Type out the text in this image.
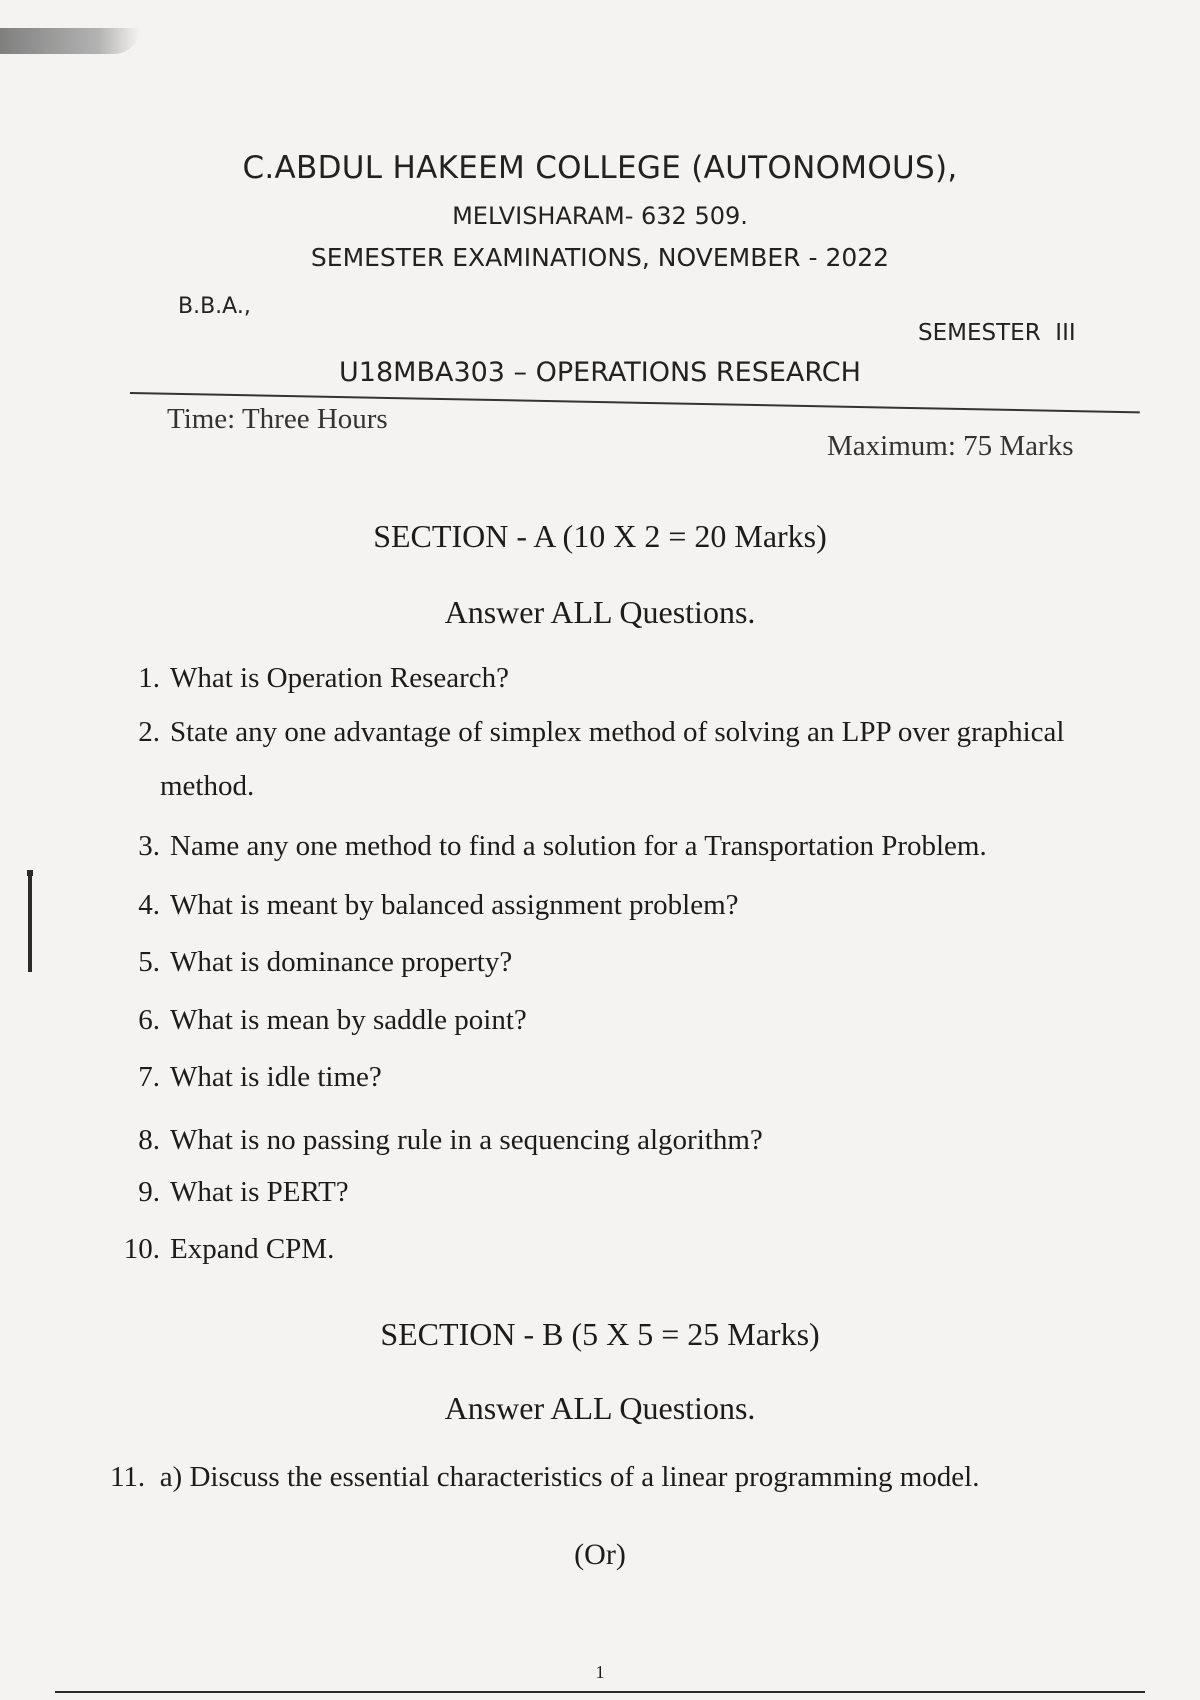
C.ABDUL HAKEEM COLLEGE (AUTONOMOUS),
MELVISHARAM- 632 509.
SEMESTER EXAMINATIONS, NOVEMBER - 2022
B.B.A.,
SEMESTER  III
U18MBA303 – OPERATIONS RESEARCH
Time: Three Hours
Maximum: 75 Marks
SECTION - A (10 X 2 = 20 Marks)
Answer ALL Questions.
1. What is Operation Research?
2. State any one advantage of simplex method of solving an LPP over graphical
method.
3. Name any one method to find a solution for a Transportation Problem.
4. What is meant by balanced assignment problem?
5. What is dominance property?
6. What is mean by saddle point?
7. What is idle time?
8. What is no passing rule in a sequencing algorithm?
9. What is PERT?
10. Expand CPM.
SECTION - B (5 X 5 = 25 Marks)
Answer ALL Questions.
11. a) Discuss the essential characteristics of a linear programming model.
(Or)
1
